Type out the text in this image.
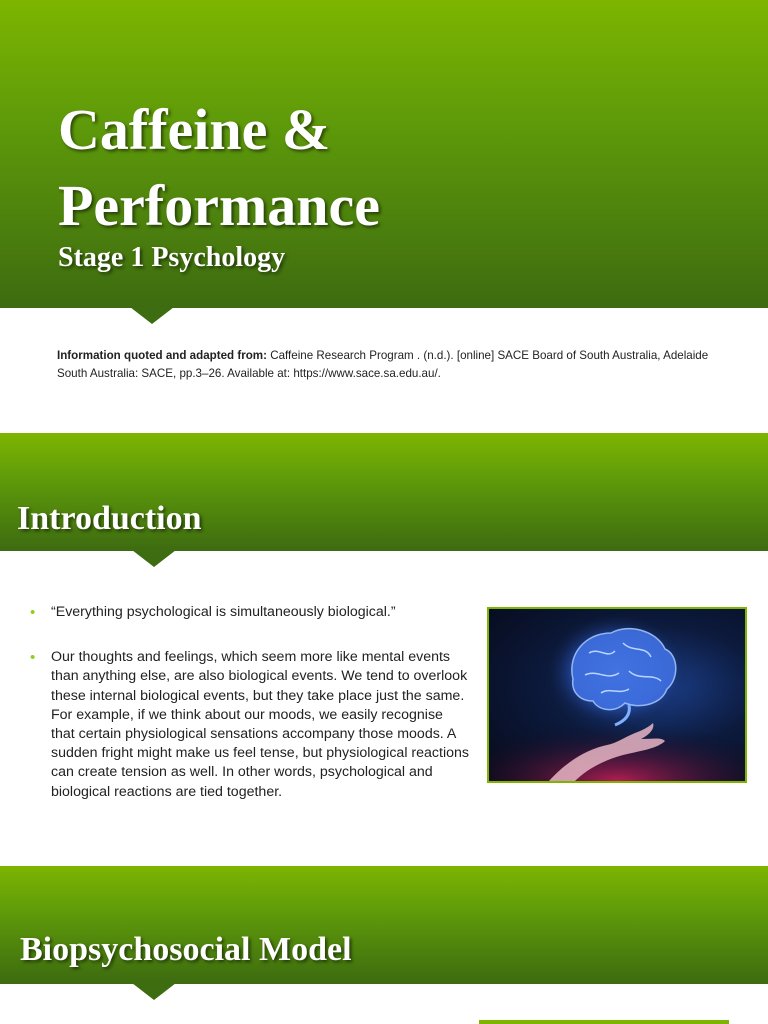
Caffeine &
Performance
Stage 1 Psychology

Information quoted and adapted from: Caffeine Research Program . (n.d.). [online] SACE Board of South Australia, Adelaide South Australia: SACE, pp.3–26. Available at: https://www.sace.sa.edu.au/.

Introduction
• “Everything psychological is simultaneously biological.”
• Our thoughts and feelings, which seem more like mental events than anything else, are also biological events. We tend to overlook these internal biological events, but they take place just the same. For example, if we think about our moods, we easily recognise that certain physiological sensations accompany those moods. A sudden fright might make us feel tense, but physiological reactions can create tension as well. In other words, psychological and biological reactions are tied together.
Biopsychosocial Model
